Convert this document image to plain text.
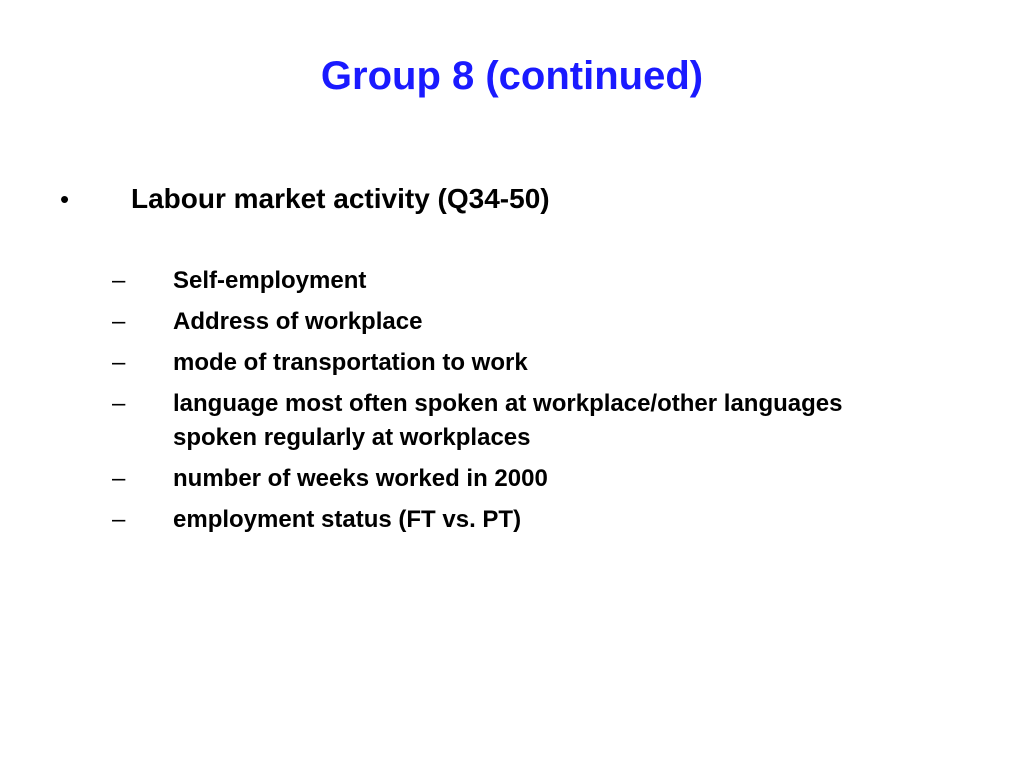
Group 8 (continued)
• Labour market activity (Q34-50)
– Self-employment
– Address of workplace
– mode of transportation to work
– language most often spoken at workplace/other languages spoken regularly at workplaces
– number of weeks worked in 2000
– employment status (FT vs. PT)
